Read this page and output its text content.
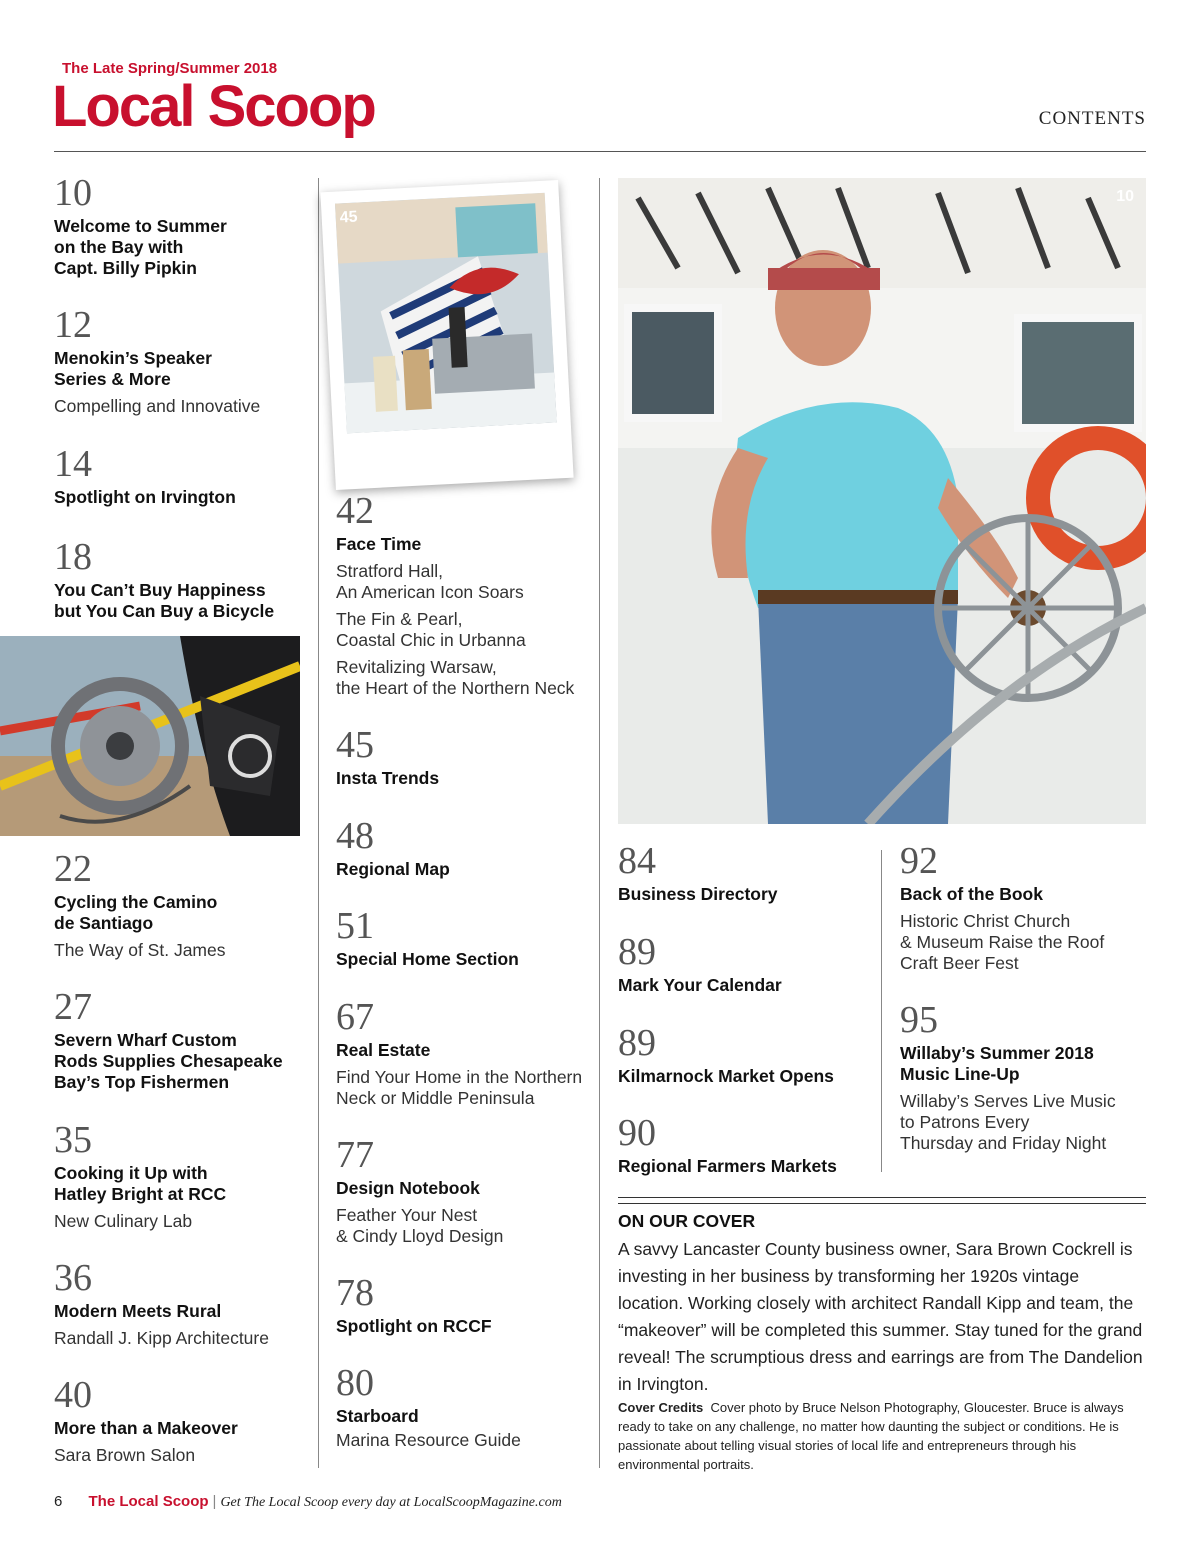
The Late Spring/Summer 2018
Local Scoop	CONTENTS
10
Welcome to Summer
on the Bay with
Capt. Billy Pipkin
12
Menokin’s Speaker
Series & More
Compelling and Innovative
14
Spotlight on Irvington
18
You Can’t Buy Happiness
but You Can Buy a Bicycle
22
Cycling the Camino
de Santiago
The Way of St. James
27
Severn Wharf Custom
Rods Supplies Chesapeake
Bay’s Top Fishermen
35
Cooking it Up with
Hatley Bright at RCC
New Culinary Lab
36
Modern Meets Rural
Randall J. Kipp Architecture
40
More than a Makeover
Sara Brown Salon
45
42
Face Time
Stratford Hall,
An American Icon Soars
The Fin & Pearl,
Coastal Chic in Urbanna
Revitalizing Warsaw,
the Heart of the Northern Neck
45
Insta Trends
48
Regional Map
51
Special Home Section
67
Real Estate
Find Your Home in the Northern
Neck or Middle Peninsula
77
Design Notebook
Feather Your Nest
& Cindy Lloyd Design
78
Spotlight on RCCF
80
Starboard
Marina Resource Guide
10
84
Business Directory
89
Mark Your Calendar
89
Kilmarnock Market Opens
90
Regional Farmers Markets
92
Back of the Book
Historic Christ Church
& Museum Raise the Roof
Craft Beer Fest
95
Willaby’s Summer 2018
Music Line-Up
Willaby’s Serves Live Music
to Patrons Every
Thursday and Friday Night
ON OUR COVER
A savvy Lancaster County business owner, Sara Brown Cockrell is investing in her business by transforming her 1920s vintage location. Working closely with architect Randall Kipp and team, the “makeover” will be completed this summer. Stay tuned for the grand reveal! The scrumptious dress and earrings are from The Dandelion in Irvington.
Cover Credits Cover photo by Bruce Nelson Photography, Gloucester. Bruce is always ready to take on any challenge, no matter how daunting the subject or conditions. He is passionate about telling visual stories of local life and entrepreneurs through his environmental portraits.
6 The Local Scoop | Get The Local Scoop every day at LocalScoopMagazine.com
